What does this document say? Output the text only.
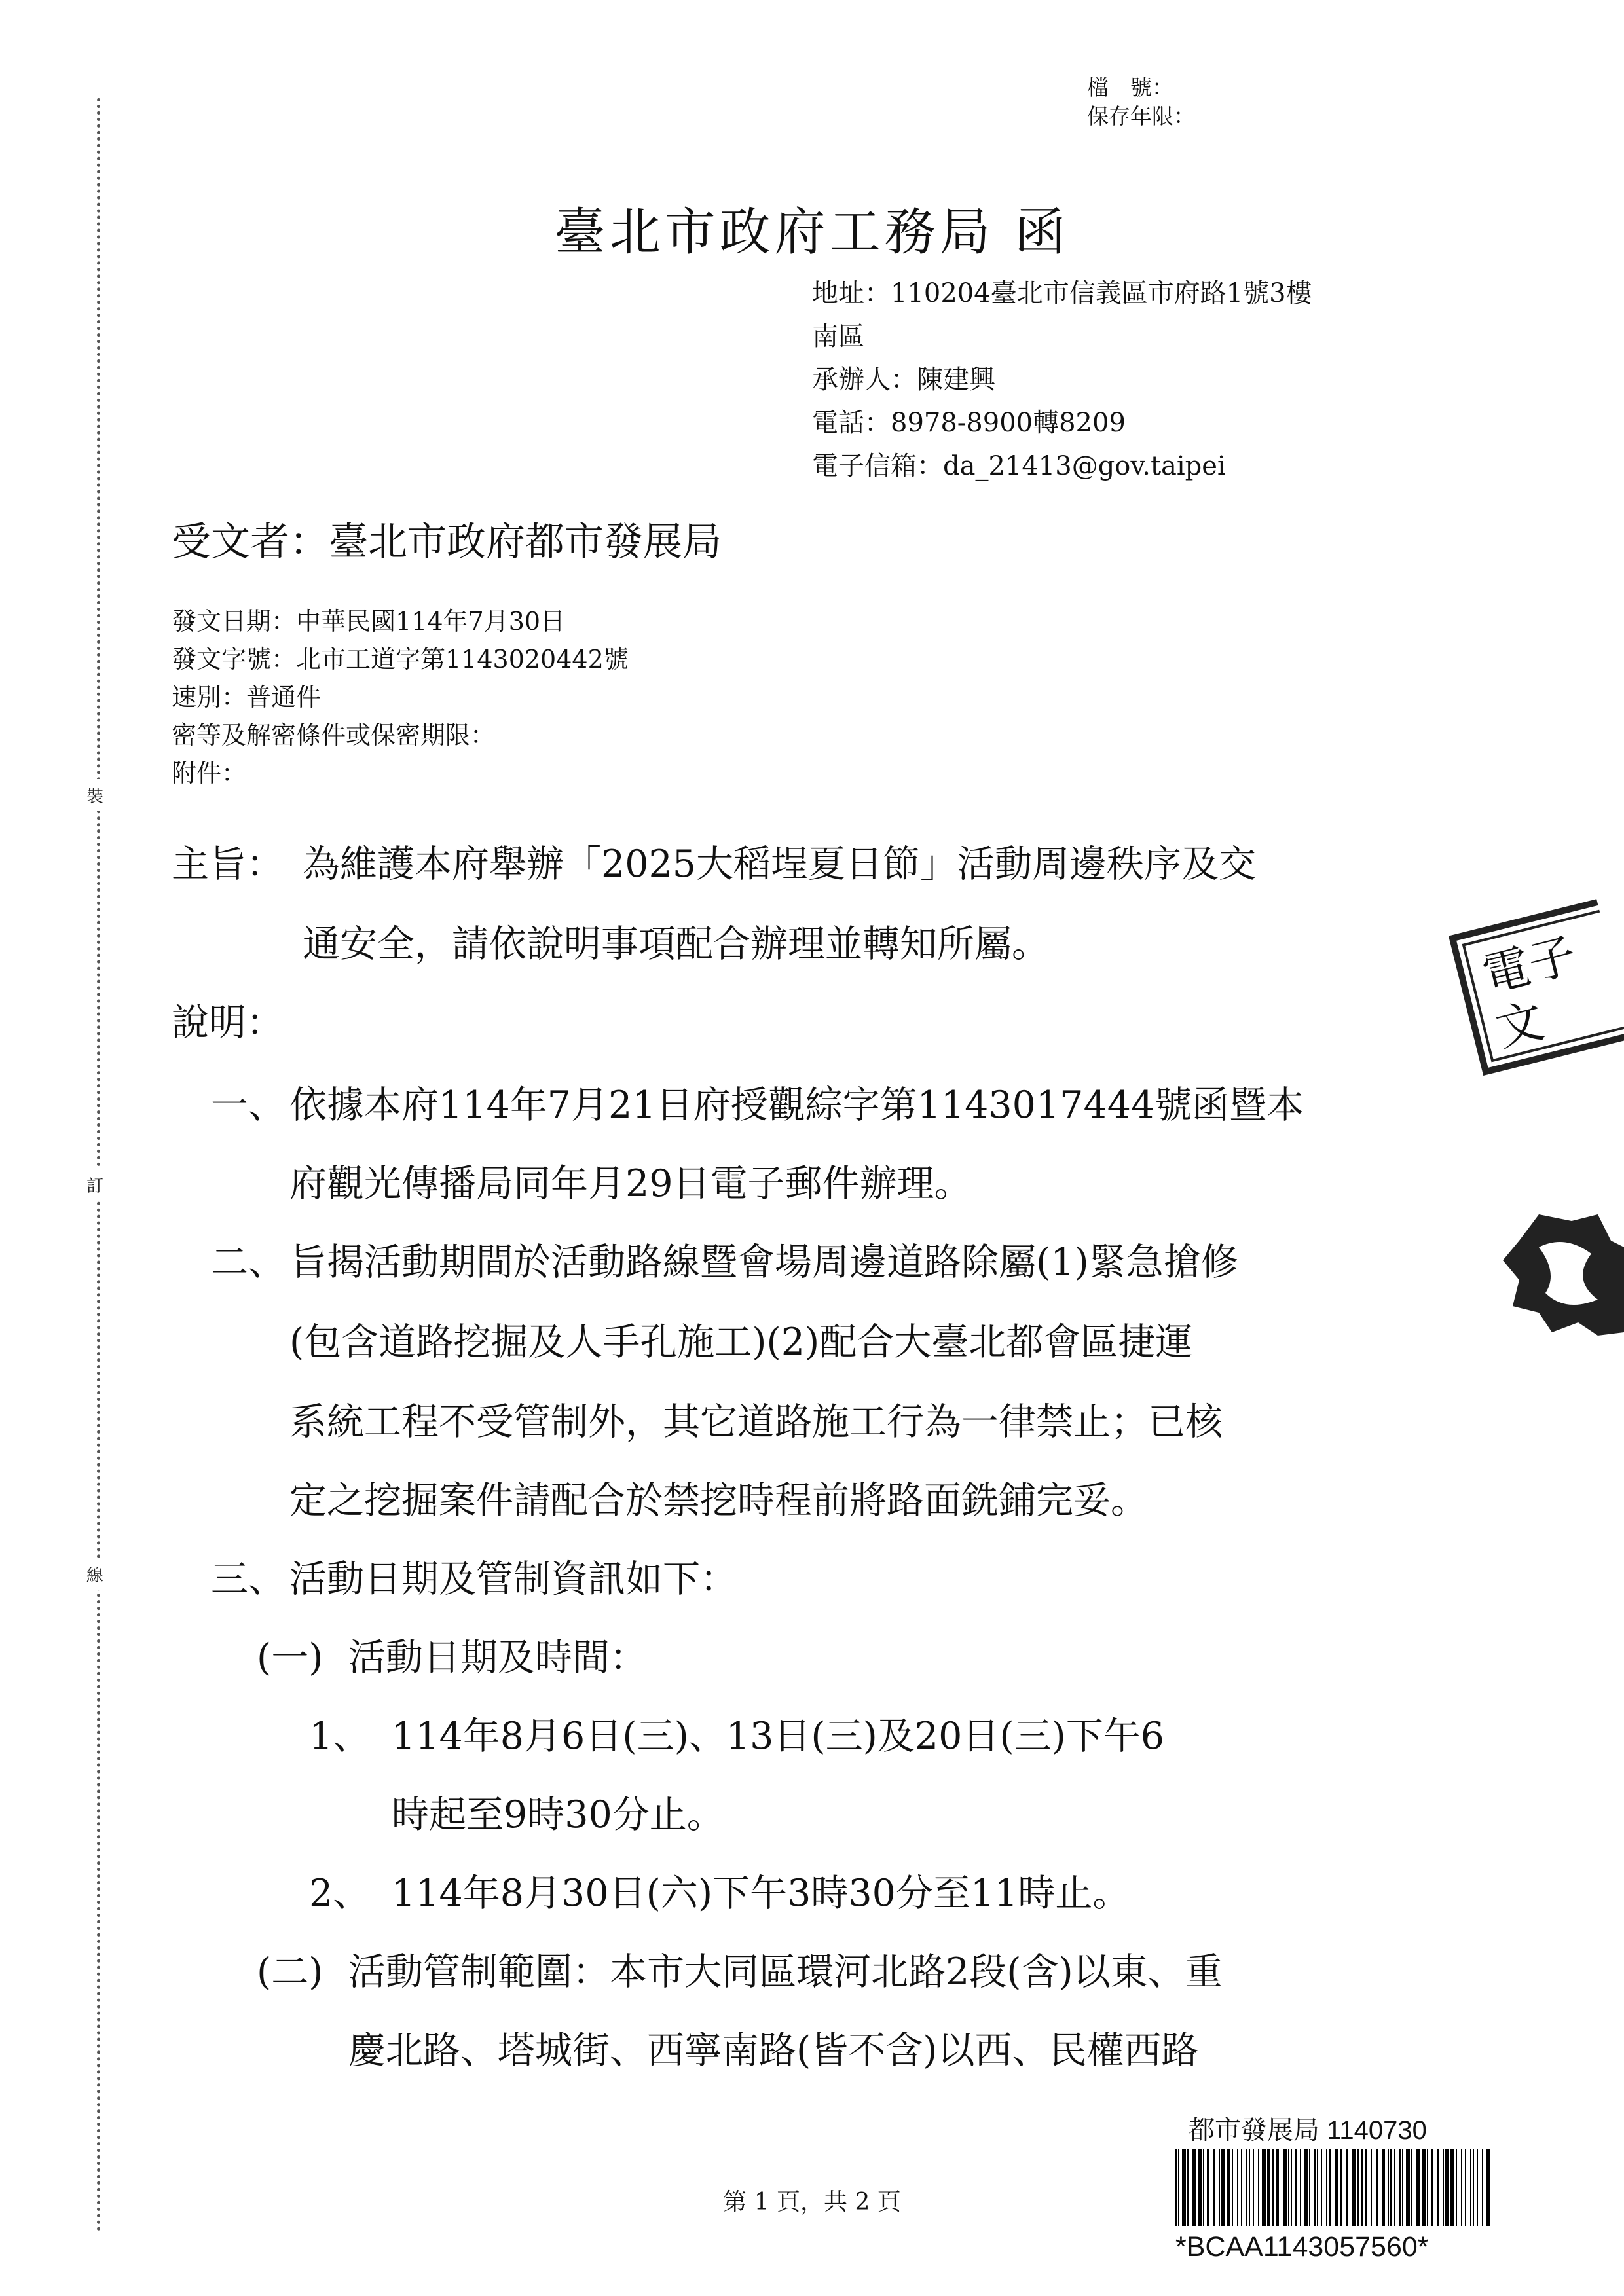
裝
訂
線
檔　號：
保存年限：
臺北市政府工務局 函
地址：110204臺北市信義區市府路1號3樓
南區
承辦人：陳建興
電話：8978-8900轉8209
電子信箱：da_21413@gov.taipei
受文者：臺北市政府都市發展局
發文日期：中華民國114年7月30日
發文字號：北市工道字第1143020442號
速別：普通件
密等及解密條件或保密期限：
附件：
主旨： 為維護本府舉辦「2025大稻埕夏日節」活動周邊秩序及交
通安全，請依說明事項配合辦理並轉知所屬。
說明：
一、 依據本府114年7月21日府授觀綜字第1143017444號函暨本
府觀光傳播局同年月29日電子郵件辦理。
二、 旨揭活動期間於活動路線暨會場周邊道路除屬(1)緊急搶修
(包含道路挖掘及人手孔施工)(2)配合大臺北都會區捷運
系統工程不受管制外，其它道路施工行為一律禁止；已核
定之挖掘案件請配合於禁挖時程前將路面銑鋪完妥。
三、 活動日期及管制資訊如下：
(一) 活動日期及時間：
1、 114年8月6日(三)、13日(三)及20日(三)下午6
時起至9時30分止。
2、 114年8月30日(六)下午3時30分至11時止。
(二) 活動管制範圍：本市大同區環河北路2段(含)以東、重
慶北路、塔城街、西寧南路(皆不含)以西、民權西路
電子
文
第 1 頁，共 2 頁
都市發展局 1140730
*BCAA1143057560*
